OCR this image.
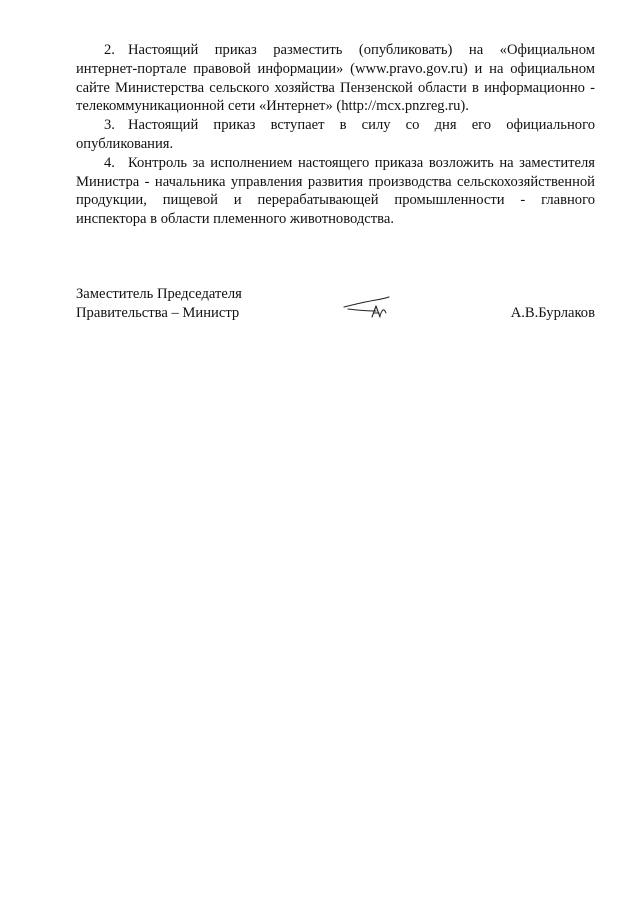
2. Настоящий приказ разместить (опубликовать) на «Официальном интернет-портале правовой информации» (www.pravo.gov.ru) и на официальном сайте Министерства сельского хозяйства Пензенской области в информационно - телекоммуникационной сети «Интернет» (http://mcx.pnzreg.ru).

3. Настоящий приказ вступает в силу со дня его официального опубликования.

4. Контроль за исполнением настоящего приказа возложить на заместителя Министра - начальника управления развития производства сельскохозяйственной продукции, пищевой и перерабатывающей промышленности - главного инспектора в области племенного животноводства.

Заместитель Председателя
Правительства – Министр	А.В.Бурлаков
